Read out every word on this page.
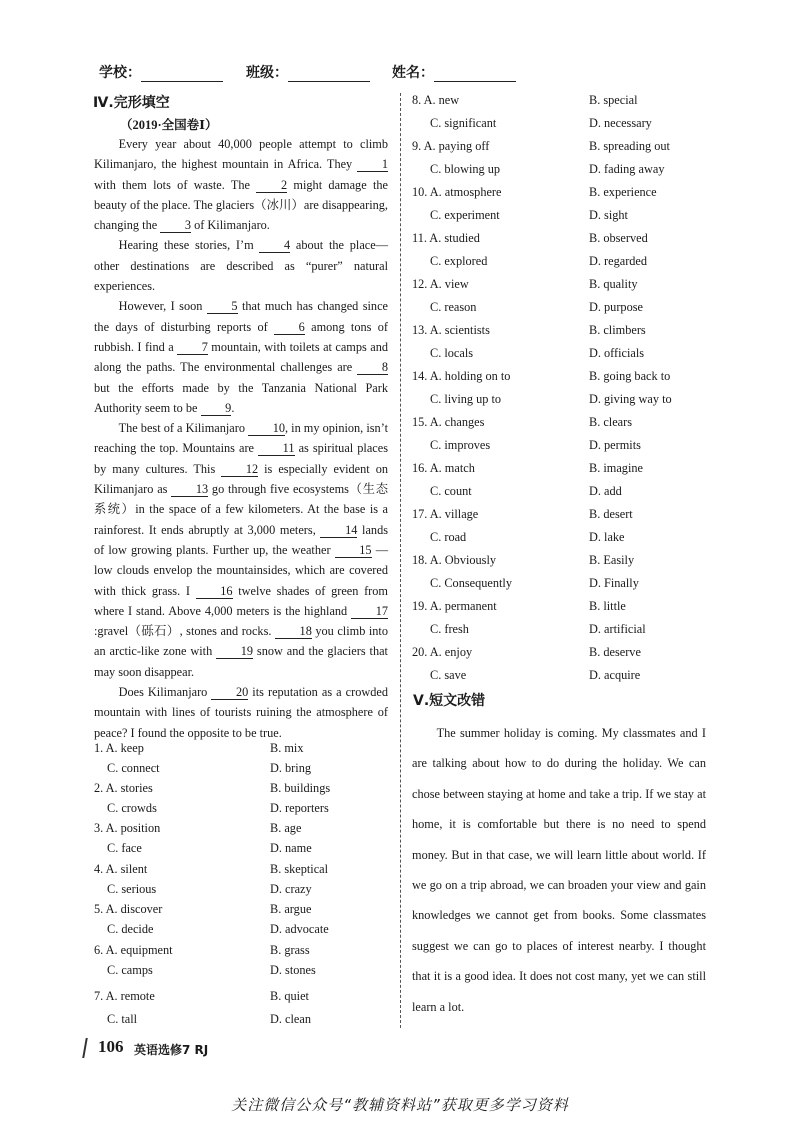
学校：	班级：	姓名：
Ⅳ.完形填空
（2019·全国卷Ⅰ）

Every year about 40,000 people attempt to climb Kilimanjaro, the highest mountain in Africa. They 1 with them lots of waste. The 2 might damage the beauty of the place. The glaciers（冰川）are disappearing, changing the 3 of Kilimanjaro.

Hearing these stories, I’m 4 about the place—other destinations are described as “purer” natural experiences.

However, I soon 5 that much has changed since the days of disturbing reports of 6 among tons of rubbish. I find a 7 mountain, with toilets at camps and along the paths. The environmental challenges are 8 but the efforts made by the Tanzania National Park Authority seem to be 9.

The best of a Kilimanjaro 10, in my opinion, isn’t reaching the top. Mountains are 11 as spiritual places by many cultures. This 12 is especially evident on Kilimanjaro as 13 go through five ecosystems（生态系统）in the space of a few kilometers. At the base is a rainforest. It ends abruptly at 3,000 meters, 14 lands of low growing plants. Further up, the weather 15 —low clouds envelop the mountainsides, which are covered with thick grass. I 16 twelve shades of green from where I stand. Above 4,000 meters is the highland 17:gravel（砾石）, stones and rocks. 18 you climb into an arctic-like zone with 19 snow and the glaciers that may soon disappear.

Does Kilimanjaro 20 its reputation as a crowded mountain with lines of tourists ruining the atmosphere of peace? I found the opposite to be true.

1. A. keep	B. mix
C. connect	D. bring
2. A. stories	B. buildings
C. crowds	D. reporters
3. A. position	B. age
C. face	D. name
4. A. silent	B. skeptical
C. serious	D. crazy
5. A. discover	B. argue
C. decide	D. advocate
6. A. equipment	B. grass
C. camps	D. stones
7. A. remote	B. quiet
C. tall	D. clean
8. A. new	B. special
C. significant	D. necessary
9. A. paying off	B. spreading out
C. blowing up	D. fading away
10. A. atmosphere	B. experience
C. experiment	D. sight
11. A. studied	B. observed
C. explored	D. regarded
12. A. view	B. quality
C. reason	D. purpose
13. A. scientists	B. climbers
C. locals	D. officials
14. A. holding on to	B. going back to
C. living up to	D. giving way to
15. A. changes	B. clears
C. improves	D. permits
16. A. match	B. imagine
C. count	D. add
17. A. village	B. desert
C. road	D. lake
18. A. Obviously	B. Easily
C. Consequently	D. Finally
19. A. permanent	B. little
C. fresh	D. artificial
20. A. enjoy	B. deserve
C. save	D. acquire
Ⅴ.短文改错

The summer holiday is coming. My classmates and I are talking about how to do during the holiday. We can chose between staying at home and take a trip. If we stay at home, it is comfortable but there is no need to spend money. But in that case, we will learn little about world. If we go on a trip abroad, we can broaden your view and gain knowledges we cannot get from books. Some classmates suggest we can go to places of interest nearby. I thought that it is a good idea. It does not cost many, yet we can still learn a lot.

106 英语选修7 RJ
关注微信公众号“教辅资料站”获取更多学习资料
